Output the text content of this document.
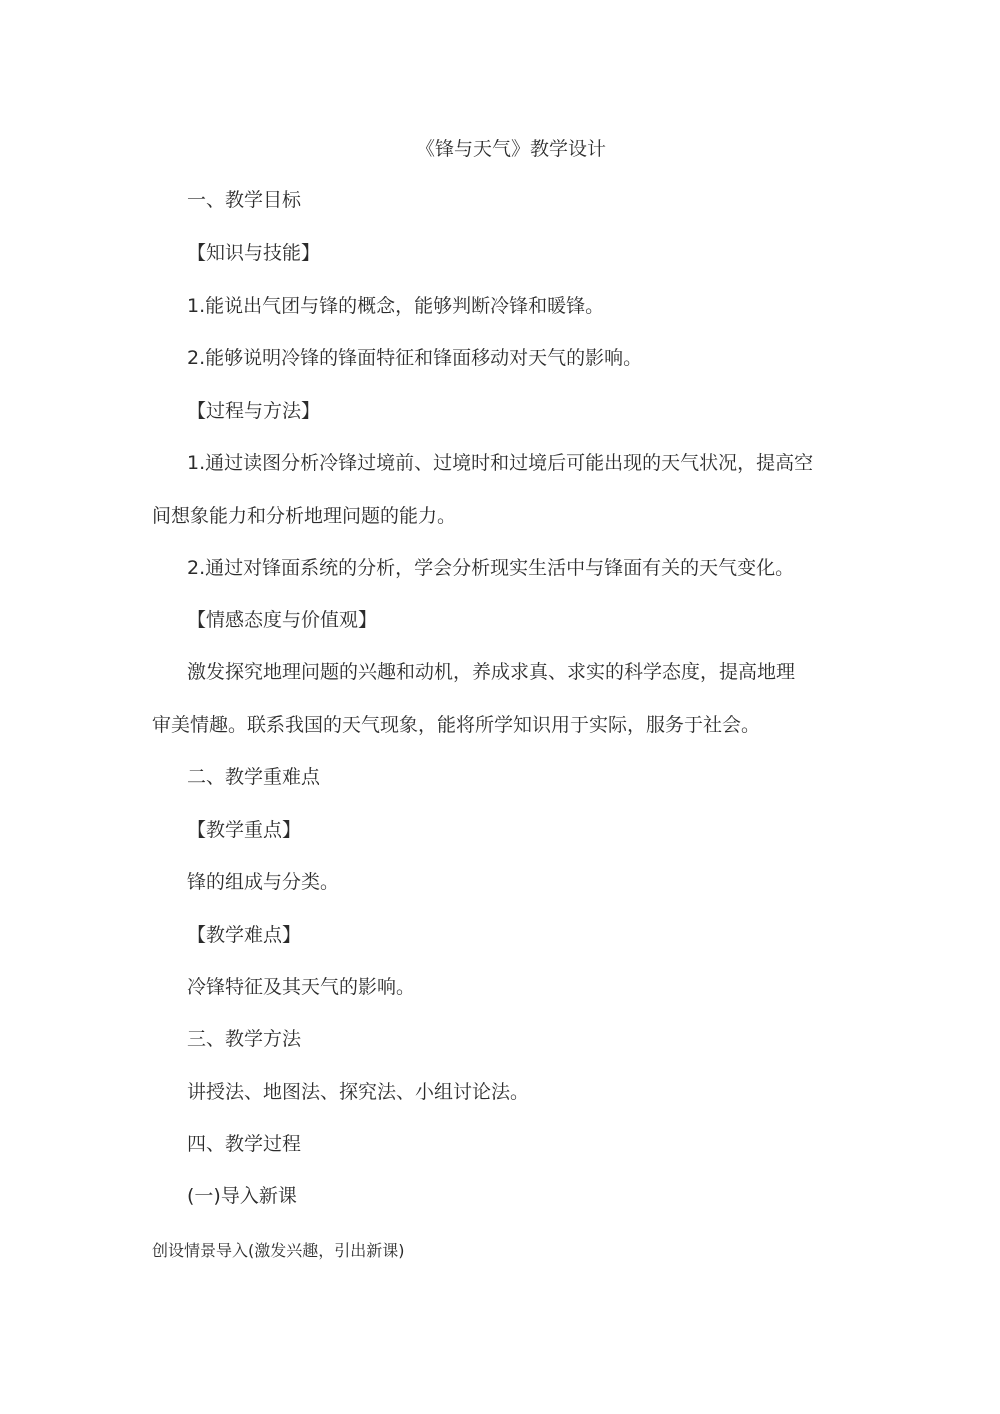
《锋与天气》教学设计
一、教学目标
【知识与技能】
1.能说出气团与锋的概念，能够判断冷锋和暖锋。
2.能够说明冷锋的锋面特征和锋面移动对天气的影响。
【过程与方法】
1.通过读图分析冷锋过境前、过境时和过境后可能出现的天气状况，提高空
间想象能力和分析地理问题的能力。
2.通过对锋面系统的分析，学会分析现实生活中与锋面有关的天气变化。
【情感态度与价值观】
激发探究地理问题的兴趣和动机，养成求真、求实的科学态度，提高地理
审美情趣。联系我国的天气现象，能将所学知识用于实际，服务于社会。
二、教学重难点
【教学重点】
锋的组成与分类。
【教学难点】
冷锋特征及其天气的影响。
三、教学方法
讲授法、地图法、探究法、小组讨论法。
四、教学过程
(一)导入新课
创设情景导入(激发兴趣，引出新课)
